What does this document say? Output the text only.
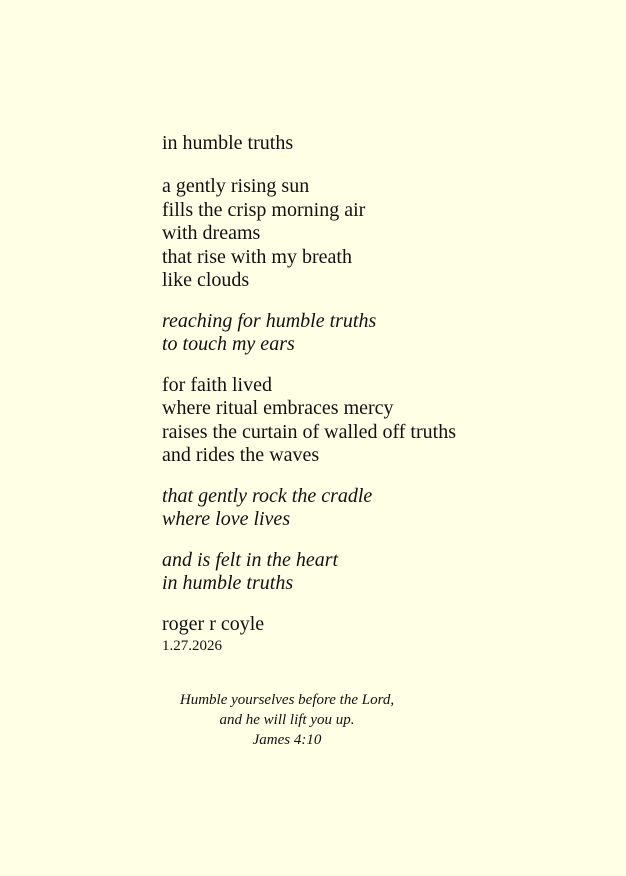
in humble truths
a gently rising sun
fills the crisp morning air
with dreams
that rise with my breath
like clouds
reaching for humble truths
to touch my ears
for faith lived
where ritual embraces mercy
raises the curtain of walled off truths
and rides the waves
that gently rock the cradle
where love lives
and is felt in the heart
in humble truths
roger r coyle
1.27.2026
Humble yourselves before the Lord,
and he will lift you up.
James 4:10
